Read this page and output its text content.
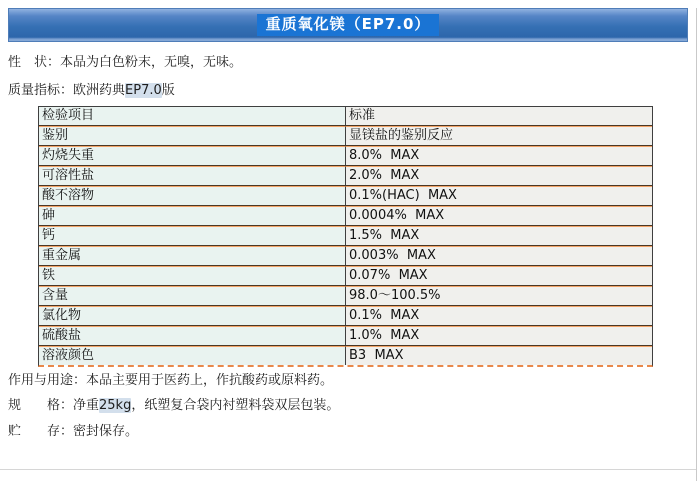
重质氧化镁（EP7.0）
性　状：本品为白色粉末，无嗅，无味。
质量指标：欧洲药典EP7.0版
检验项目	标准
鉴别	显镁盐的鉴别反应
灼烧失重	8.0%  MAX
可溶性盐	2.0%  MAX
酸不溶物	0.1%(HAC)  MAX
砷	0.0004%  MAX
钙	1.5%  MAX
重金属	0.003%  MAX
铁	0.07%  MAX
含量	98.0～100.5%
氯化物	0.1%  MAX
硫酸盐	1.0%  MAX
溶液颜色	B3  MAX
作用与用途：本品主要用于医药上，作抗酸药或原料药。
规　　格：净重25kg，纸塑复合袋内衬塑料袋双层包装。
贮　　存：密封保存。
